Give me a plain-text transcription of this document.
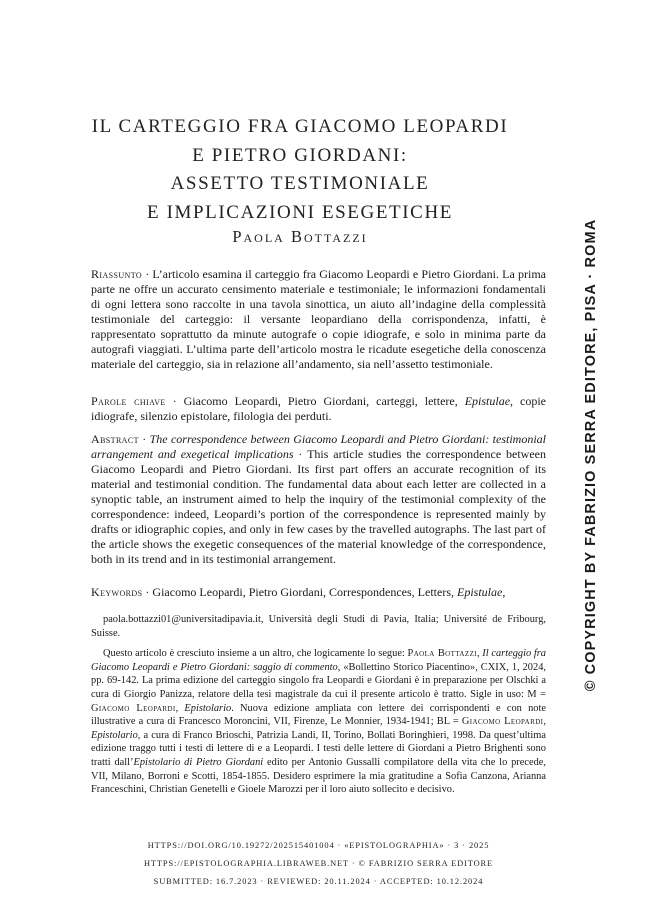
IL CARTEGGIO FRA GIACOMO LEOPARDI
E PIETRO GIORDANI:
ASSETTO TESTIMONIALE
E IMPLICAZIONI ESEGETICHE
Paola Bottazzi
Riassunto · L’articolo esamina il carteggio fra Giacomo Leopardi e Pietro Giordani. La prima parte ne offre un accurato censimento materiale e testimoniale; le informazioni fondamentali di ogni lettera sono raccolte in una tavola sinottica, un aiuto all’indagine della complessità testimoniale del carteggio: il versante leopardiano della corrispondenza, infatti, è rappresentato soprattutto da minute autografe o copie idiografe, e solo in minima parte da autografi viaggiati. L’ultima parte dell’articolo mostra le ricadute esegetiche della conoscenza materiale del carteggio, sia in relazione all’andamento, sia nell’assetto testimoniale.
Parole chiave · Giacomo Leopardi, Pietro Giordani, carteggi, lettere, Epistulae, copie idiografe, silenzio epistolare, filologia dei perduti.
Abstract · The correspondence between Giacomo Leopardi and Pietro Giordani: testimonial arrangement and exegetical implications · This article studies the correspondence between Giacomo Leopardi and Pietro Giordani. Its first part offers an accurate recognition of its material and testimonial condition. The fundamental data about each letter are collected in a synoptic table, an instrument aimed to help the inquiry of the testimonial complexity of the correspondence: indeed, Leopardi’s portion of the correspondence is represented mainly by drafts or idiographic copies, and only in few cases by the travelled autographs. The last part of the article shows the exegetic consequences of the material knowledge of the correspondence, both in its trend and in its testimonial arrangement.
Keywords · Giacomo Leopardi, Pietro Giordani, Correspondences, Letters, Epistulae,

paola.bottazzi01@universitadipavia.it, Università degli Studi di Pavia, Italia; Université de Fribourg, Suisse.

Questo articolo è cresciuto insieme a un altro, che logicamente lo segue: Paola Bottazzi, Il carteggio fra Giacomo Leopardi e Pietro Giordani: saggio di commento, «Bollettino Storico Piacentino», CXIX, 1, 2024, pp. 69-142. La prima edizione del carteggio singolo fra Leopardi e Giordani è in preparazione per Olschki a cura di Giorgio Panizza, relatore della tesi magistrale da cui il presente articolo è tratto. Sigle in uso: M = Giacomo Leopardi, Epistolario. Nuova edizione ampliata con lettere dei corrispondenti e con note illustrative a cura di Francesco Moroncini, VII, Firenze, Le Monnier, 1934-1941; BL = Giacomo Leopardi, Epistolario, a cura di Franco Brioschi, Patrizia Landi, II, Torino, Bollati Boringhieri, 1998. Da quest’ultima edizione traggo tutti i testi di lettere di e a Leopardi. I testi delle lettere di Giordani a Pietro Brighenti sono tratti dall’Epistolario di Pietro Giordani edito per Antonio Gussalli compilatore della vita che lo precede, VII, Milano, Borroni e Scotti, 1854-1855. Desidero esprimere la mia gratitudine a Sofia Canzona, Arianna Franceschini, Christian Genetelli e Gioele Marozzi per il loro aiuto sollecito e decisivo.

HTTPS://DOI.ORG/10.19272/202515401004 · «EPISTOLOGRAPHIA» · 3 · 2025
HTTPS://EPISTOLOGRAPHIA.LIBRAWEB.NET · © FABRIZIO SERRA EDITORE
SUBMITTED: 16.7.2023 · REVIEWED: 20.11.2024 · ACCEPTED: 10.12.2024
© COPYRIGHT BY FABRIZIO SERRA EDITORE, PISA · ROMA
